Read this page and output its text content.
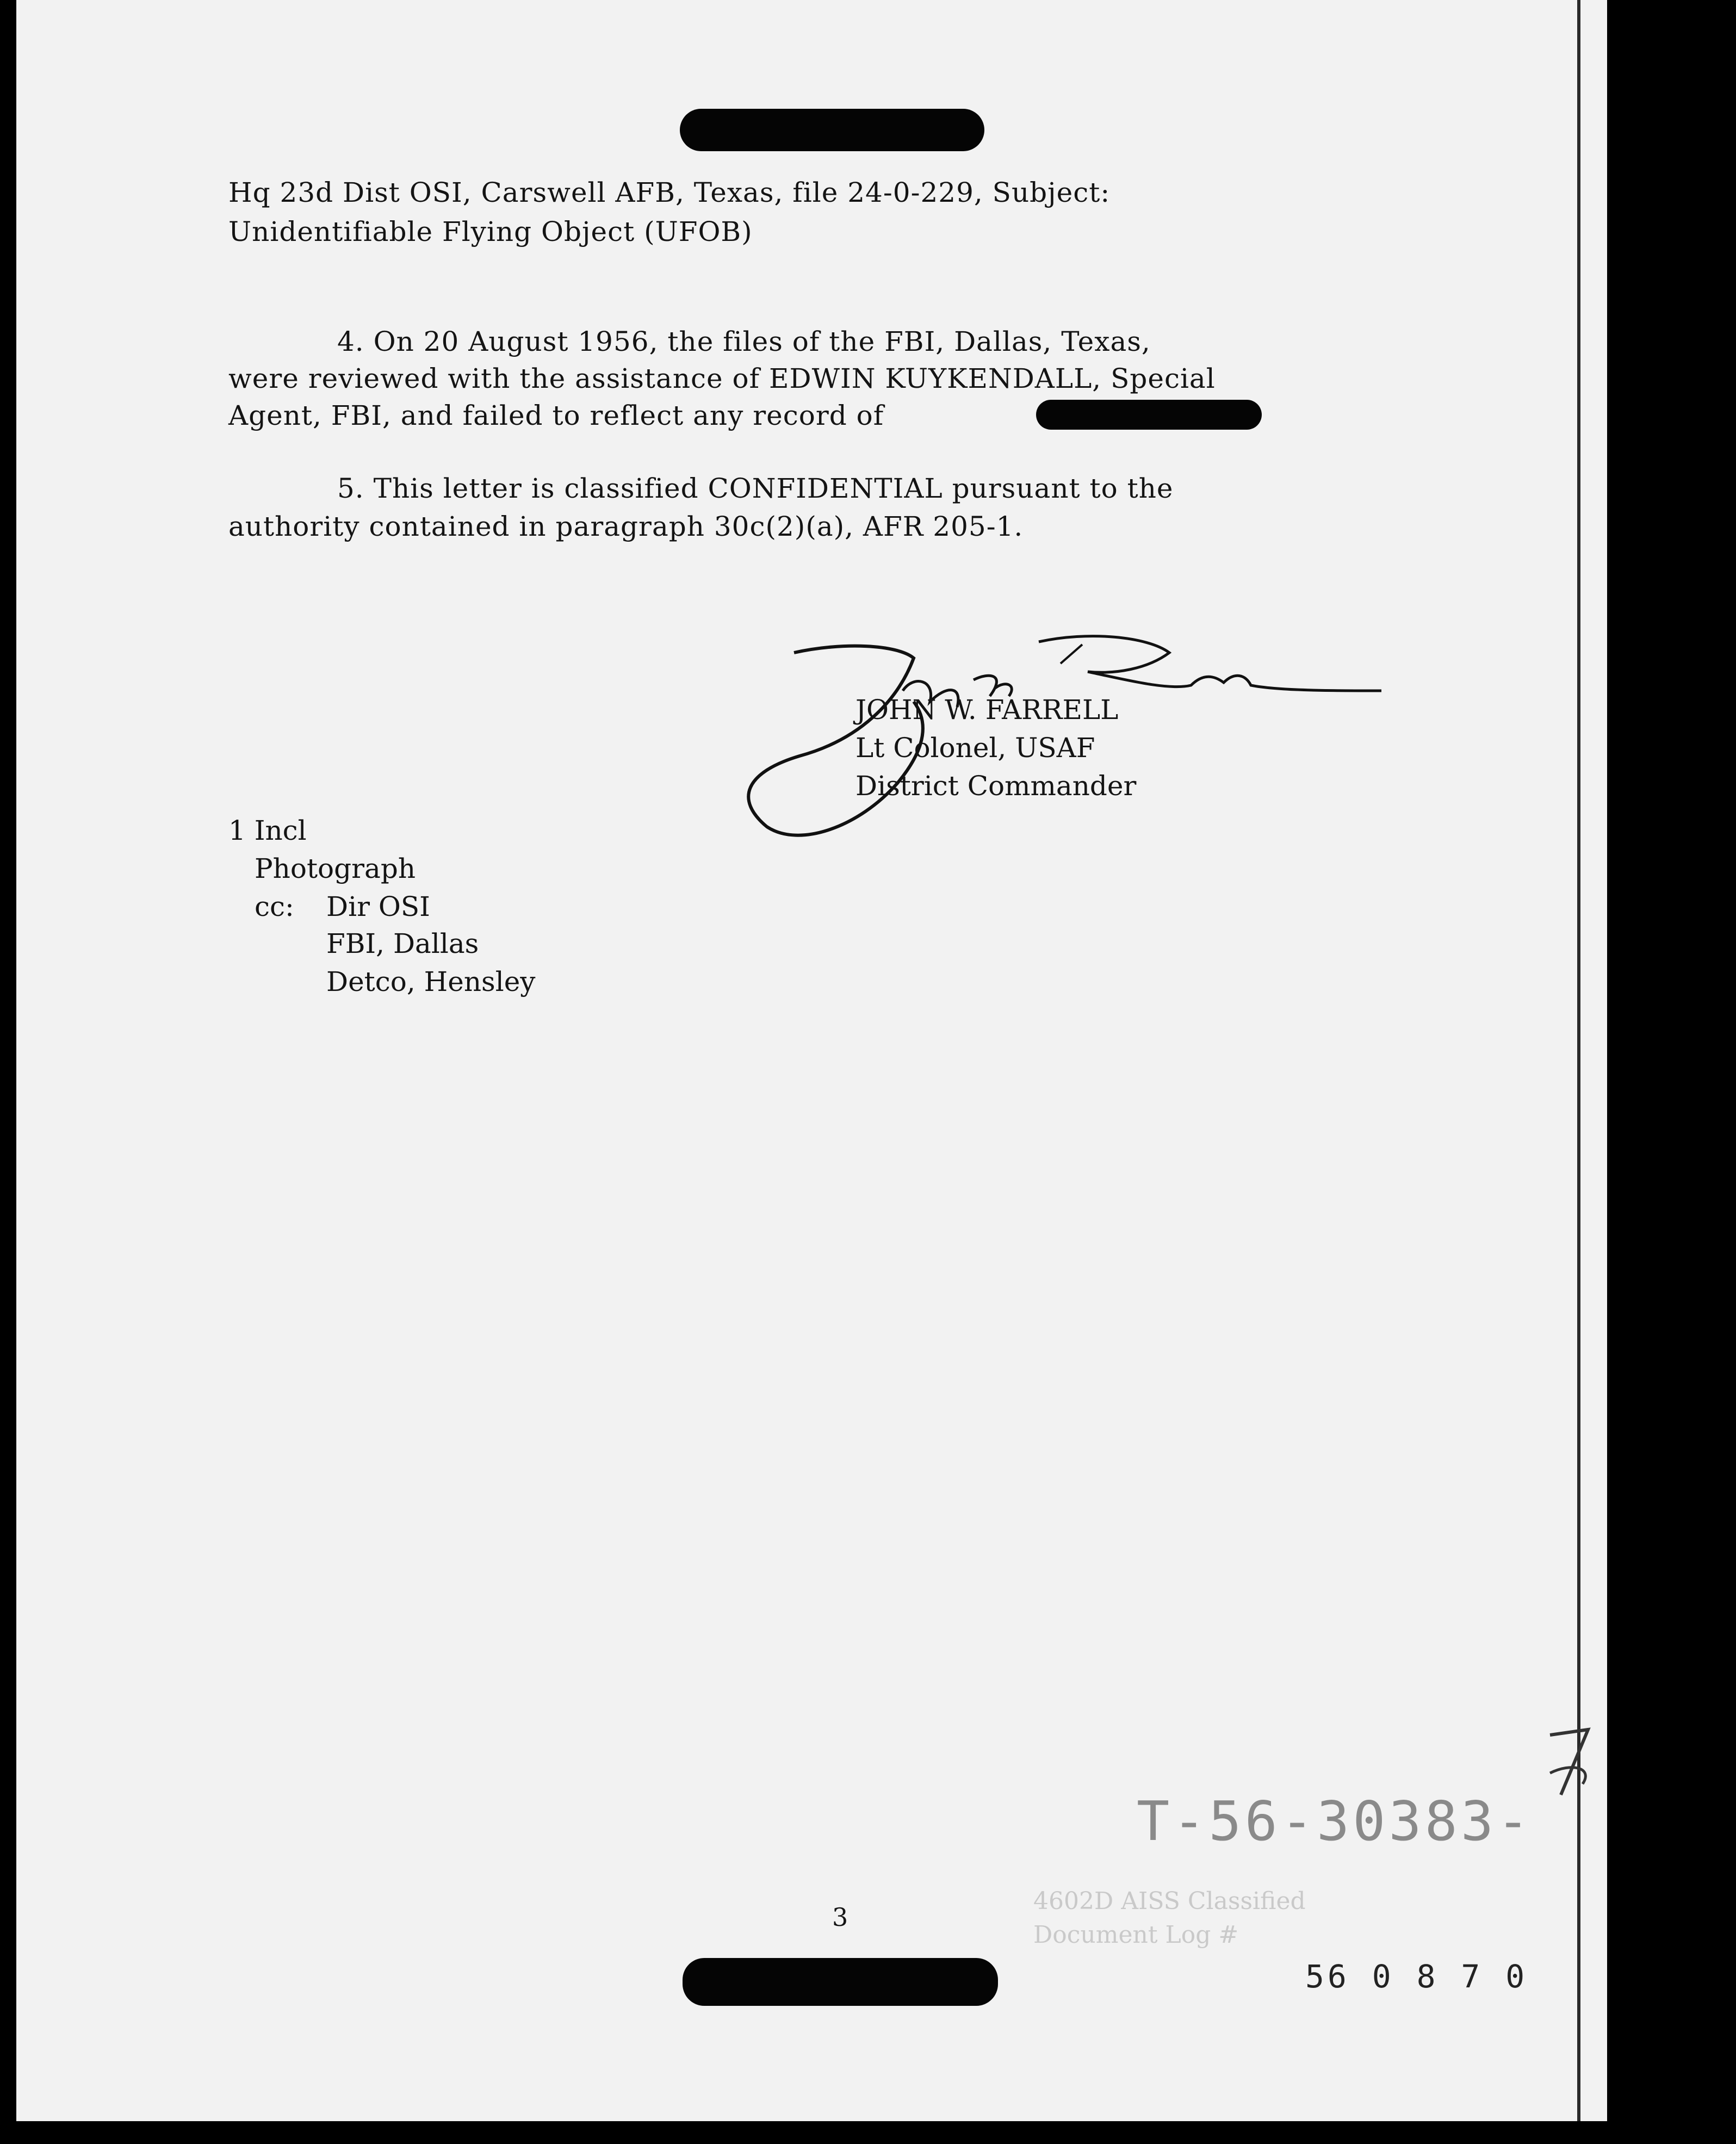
Hq 23d Dist OSI, Carswell AFB, Texas, file 24-0-229, Subject:
Unidentifiable Flying Object (UFOB)
4. On 20 August 1956, the files of the FBI, Dallas, Texas,
were reviewed with the assistance of EDWIN KUYKENDALL, Special
Agent, FBI, and failed to reflect any record of
5. This letter is classified CONFIDENTIAL pursuant to the
authority contained in paragraph 30c(2)(a), AFR 205-1.
JOHN W. FARRELL
Lt Colonel, USAF
District Commander
1 Incl
Photograph
cc: Dir OSI
FBI, Dallas
Detco, Hensley
T-56-30383-
4602D AISS Classified
Document Log #
56 0 8 7 0
3
